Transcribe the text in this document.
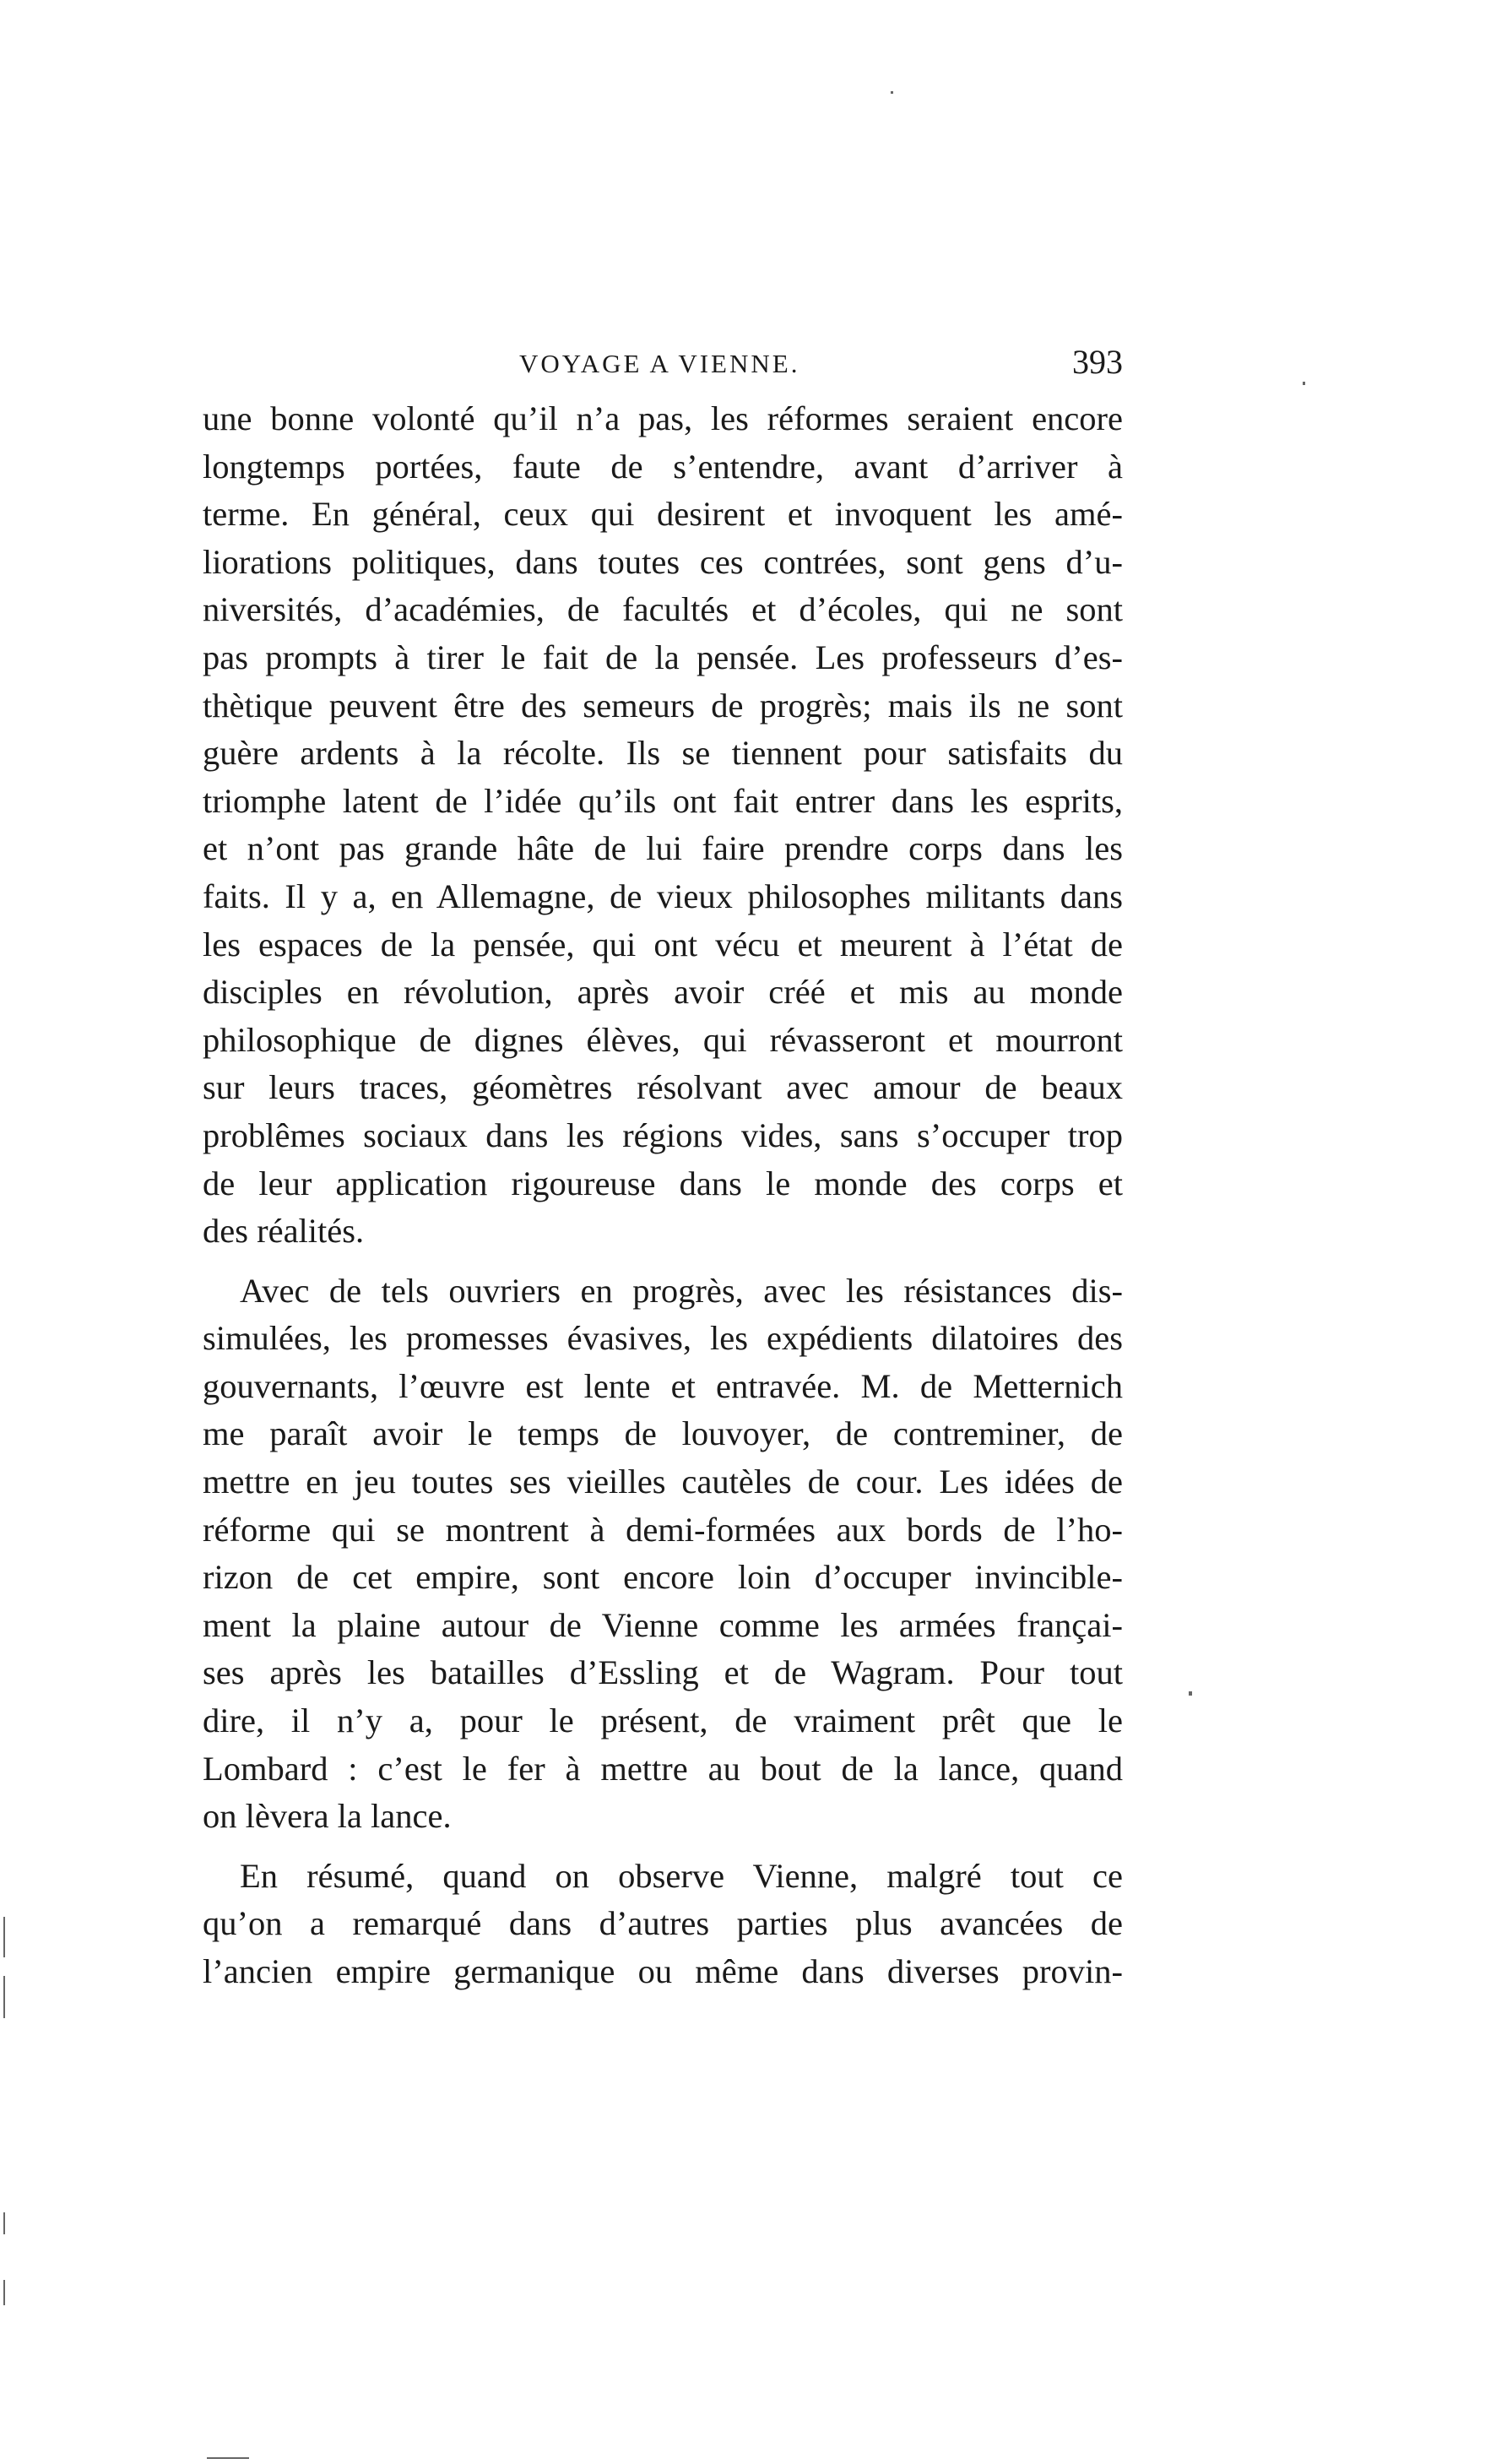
VOYAGE A VIENNE.	393
une bonne volonté qu’il n’a pas, les réformes seraient encore
longtemps portées, faute de s’entendre, avant d’arriver à
terme. En général, ceux qui desirent et invoquent les amé-
liorations politiques, dans toutes ces contrées, sont gens d’u-
niversités, d’académies, de facultés et d’écoles, qui ne sont
pas prompts à tirer le fait de la pensée. Les professeurs d’es-
thètique peuvent être des semeurs de progrès; mais ils ne sont
guère ardents à la récolte. Ils se tiennent pour satisfaits du
triomphe latent de l’idée qu’ils ont fait entrer dans les esprits,
et n’ont pas grande hâte de lui faire prendre corps dans les
faits. Il y a, en Allemagne, de vieux philosophes militants dans
les espaces de la pensée, qui ont vécu et meurent à l’état de
disciples en révolution, après avoir créé et mis au monde
philosophique de dignes élèves, qui révasseront et mourront
sur leurs traces, géomètres résolvant avec amour de beaux
problêmes sociaux dans les régions vides, sans s’occuper trop
de leur application rigoureuse dans le monde des corps et
des réalités.
Avec de tels ouvriers en progrès, avec les résistances dis-
simulées, les promesses évasives, les expédients dilatoires des
gouvernants, l’œuvre est lente et entravée. M. de Metternich
me paraît avoir le temps de louvoyer, de contreminer, de
mettre en jeu toutes ses vieilles cautèles de cour. Les idées de
réforme qui se montrent à demi-formées aux bords de l’ho-
rizon de cet empire, sont encore loin d’occuper invincible-
ment la plaine autour de Vienne comme les armées françai-
ses après les batailles d’Essling et de Wagram. Pour tout
dire, il n’y a, pour le présent, de vraiment prêt que le
Lombard : c’est le fer à mettre au bout de la lance, quand
on lèvera la lance.
En résumé, quand on observe Vienne, malgré tout ce
qu’on a remarqué dans d’autres parties plus avancées de
l’ancien empire germanique ou même dans diverses provin-
